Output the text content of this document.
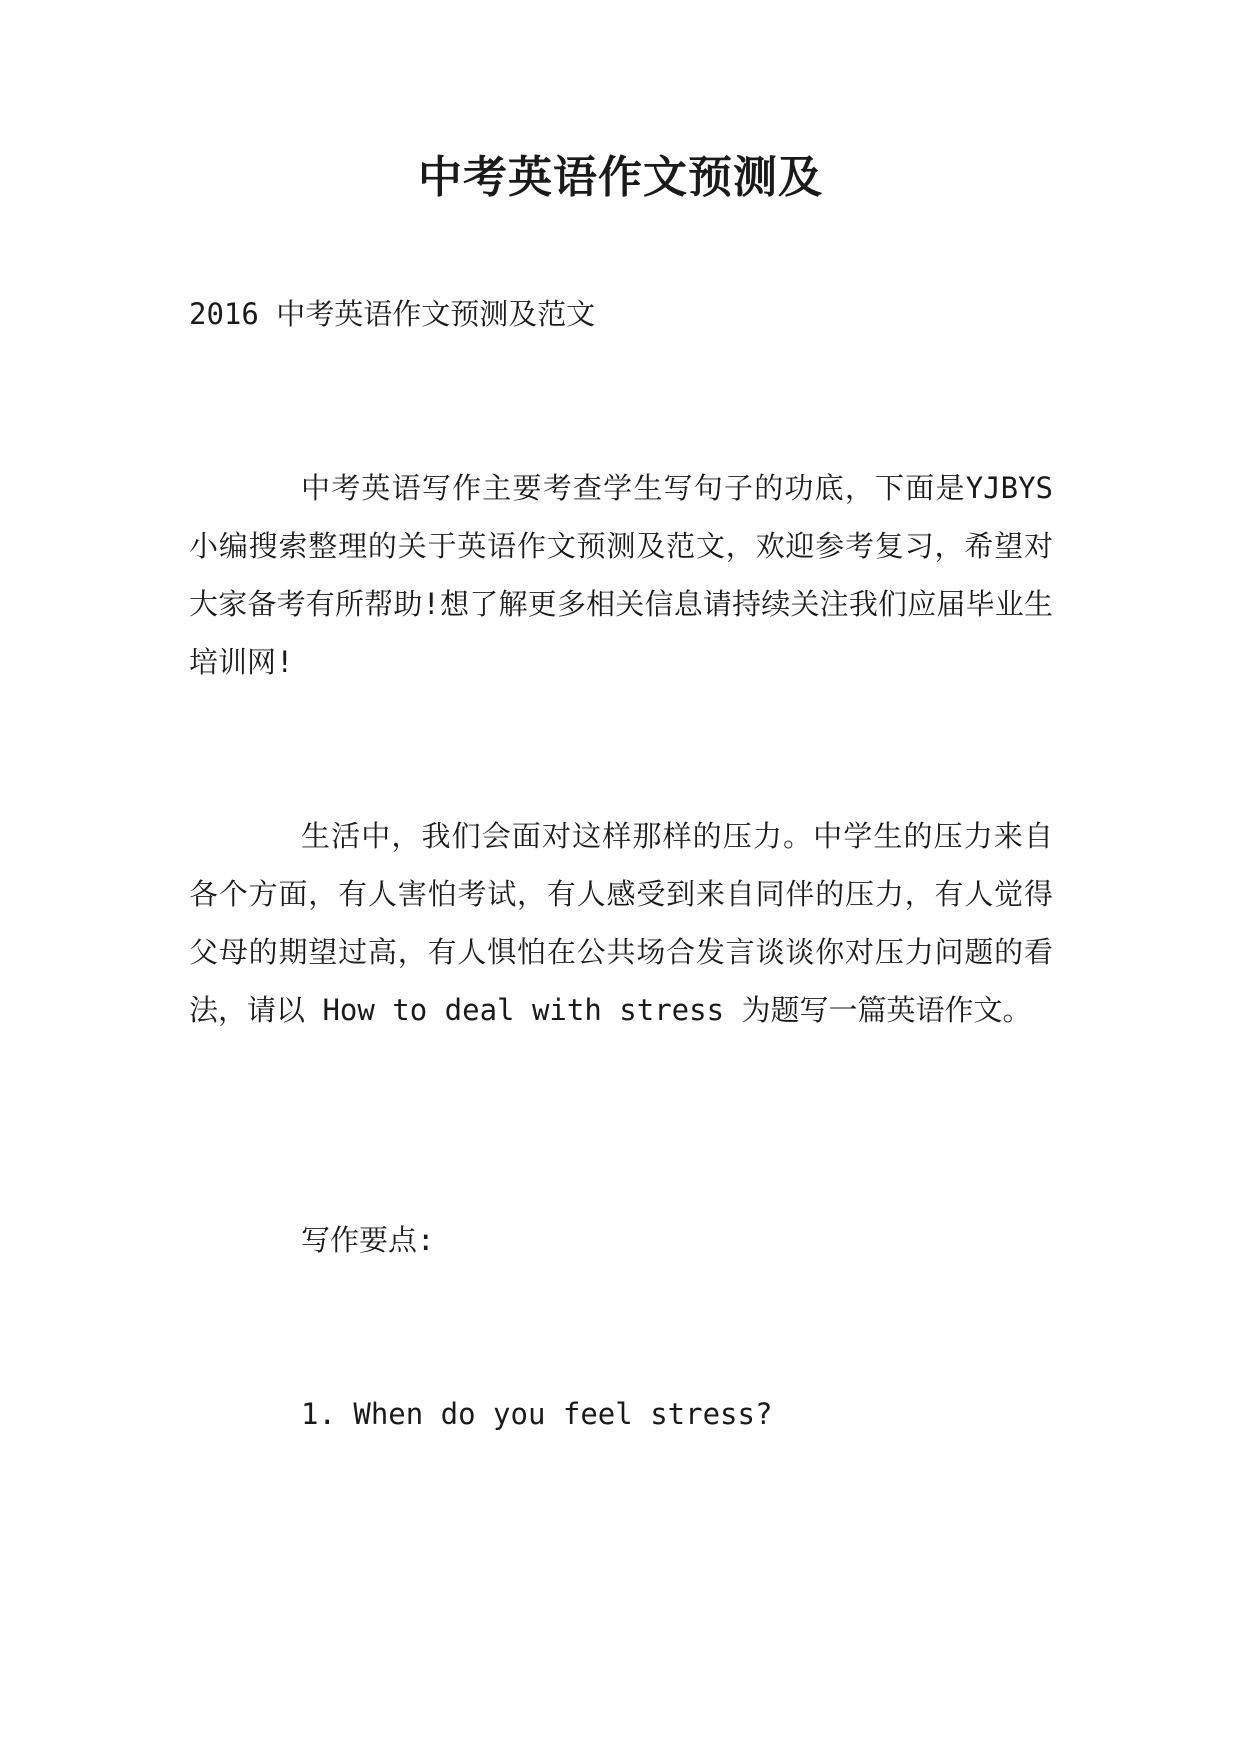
中考英语作文预测及

2016 中考英语作文预测及范文

中考英语写作主要考查学生写句子的功底，下面是YJBYS小编搜索整理的关于英语作文预测及范文，欢迎参考复习，希望对大家备考有所帮助!想了解更多相关信息请持续关注我们应届毕业生培训网!

生活中，我们会面对这样那样的压力。中学生的压力来自各个方面，有人害怕考试，有人感受到来自同伴的压力，有人觉得父母的期望过高，有人惧怕在公共场合发言谈谈你对压力问题的看法，请以 How to deal with stress 为题写一篇英语作文。

写作要点:

1. When do you feel stress?
